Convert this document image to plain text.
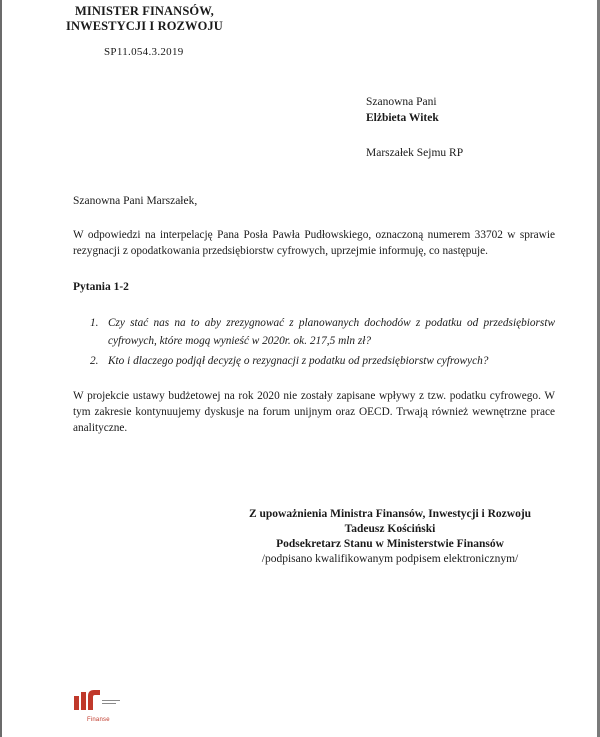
MINISTER FINANSÓW,
INWESTYCJI I ROZWOJU
SP11.054.3.2019
Szanowna Pani
Elżbieta Witek
Marszałek Sejmu RP
Szanowna Pani Marszałek,
W odpowiedzi na interpelację Pana Posła Pawła Pudłowskiego, oznaczoną numerem 33702 w sprawie rezygnacji z opodatkowania przedsiębiorstw cyfrowych, uprzejmie informuję, co następuje.
Pytania 1-2
1. Czy stać nas na to aby zrezygnować z planowanych dochodów z podatku od przedsiębiorstw cyfrowych, które mogą wynieść w 2020r. ok. 217,5 mln zł?
2. Kto i dlaczego podjął decyzję o rezygnacji z podatku od przedsiębiorstw cyfrowych?
W projekcie ustawy budżetowej na rok 2020 nie zostały zapisane wpływy z tzw. podatku cyfrowego. W tym zakresie kontynuujemy dyskusje na forum unijnym oraz OECD. Trwają również wewnętrzne prace analityczne.
Z upoważnienia Ministra Finansów, Inwestycji i Rozwoju
Tadeusz Kościński
Podsekretarz Stanu w Ministerstwie Finansów
/podpisano kwalifikowanym podpisem elektronicznym/
Finanse
